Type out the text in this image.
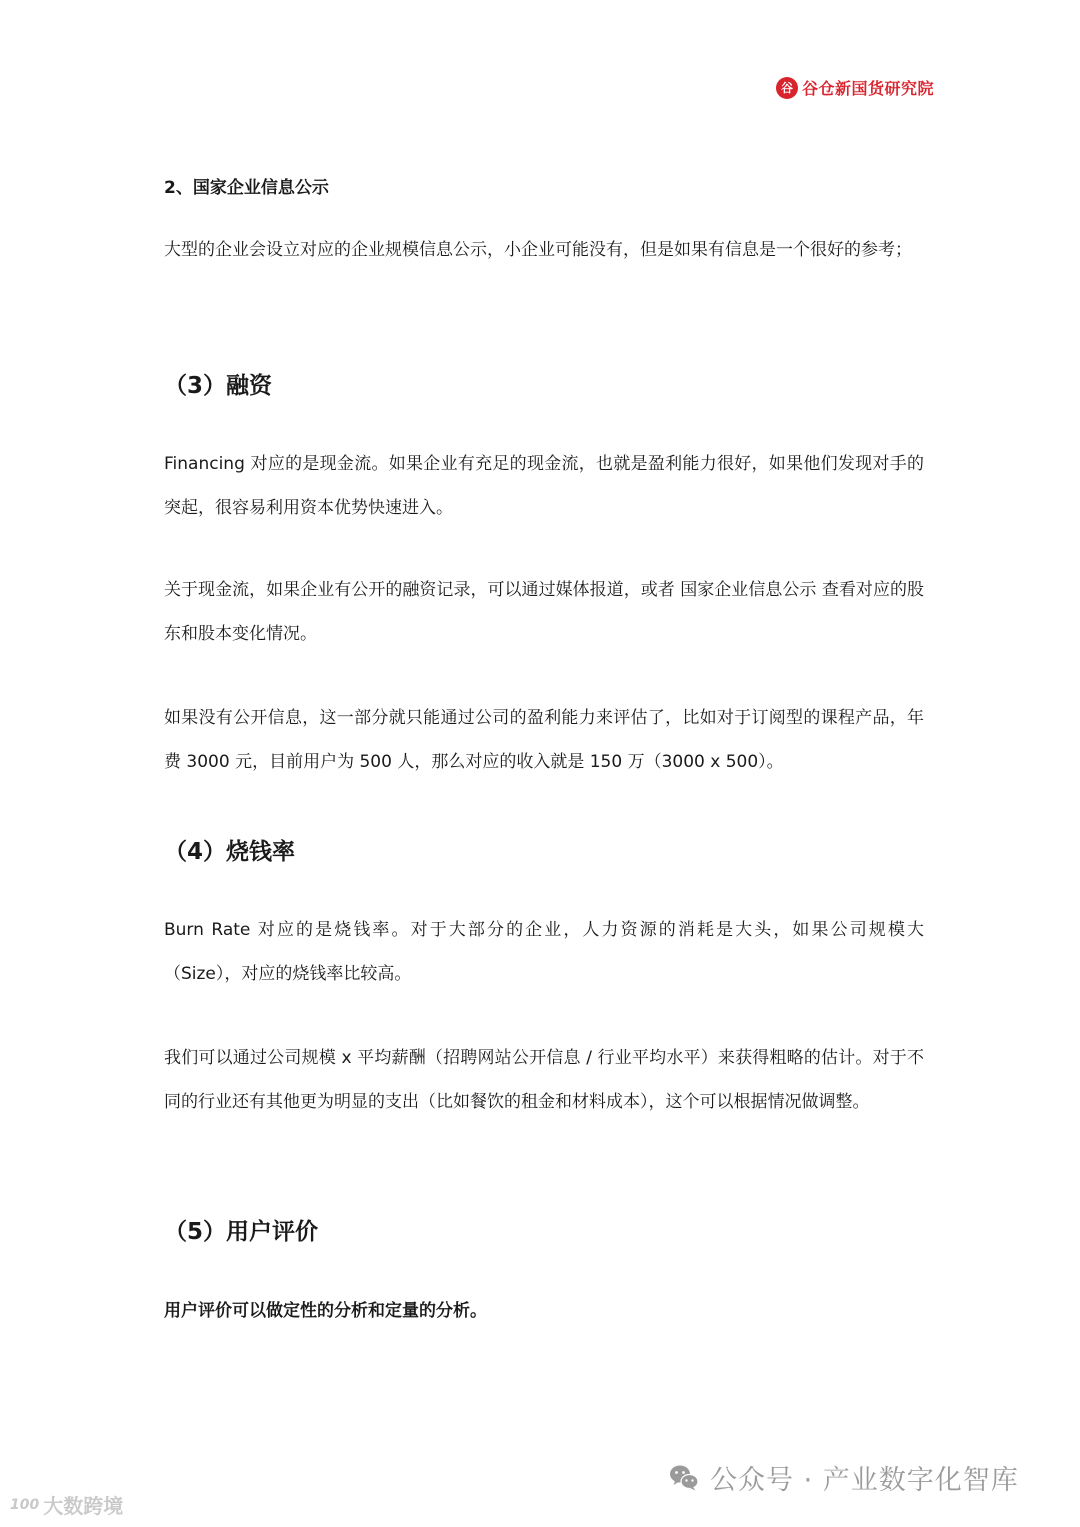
谷 谷仓新国货研究院
2、国家企业信息公示
大型的企业会设立对应的企业规模信息公示，小企业可能没有，但是如果有信息是一个很好的参考；
（3）融资
Financing 对应的是现金流。如果企业有充足的现金流，也就是盈利能力很好，如果他们发现对手的突起，很容易利用资本优势快速进入。
关于现金流，如果企业有公开的融资记录，可以通过媒体报道，或者 国家企业信息公示 查看对应的股东和股本变化情况。
如果没有公开信息，这一部分就只能通过公司的盈利能力来评估了，比如对于订阅型的课程产品，年费 3000 元，目前用户为 500 人，那么对应的收入就是 150 万（3000 x 500）。
（4）烧钱率
Burn Rate 对应的是烧钱率。对于大部分的企业，人力资源的消耗是大头，如果公司规模大（Size），对应的烧钱率比较高。
我们可以通过公司规模 x 平均薪酬（招聘网站公开信息 / 行业平均水平）来获得粗略的估计。对于不同的行业还有其他更为明显的支出（比如餐饮的租金和材料成本），这个可以根据情况做调整。
（5）用户评价
用户评价可以做定性的分析和定量的分析。
100 大数跨境
公众号 · 产业数字化智库
